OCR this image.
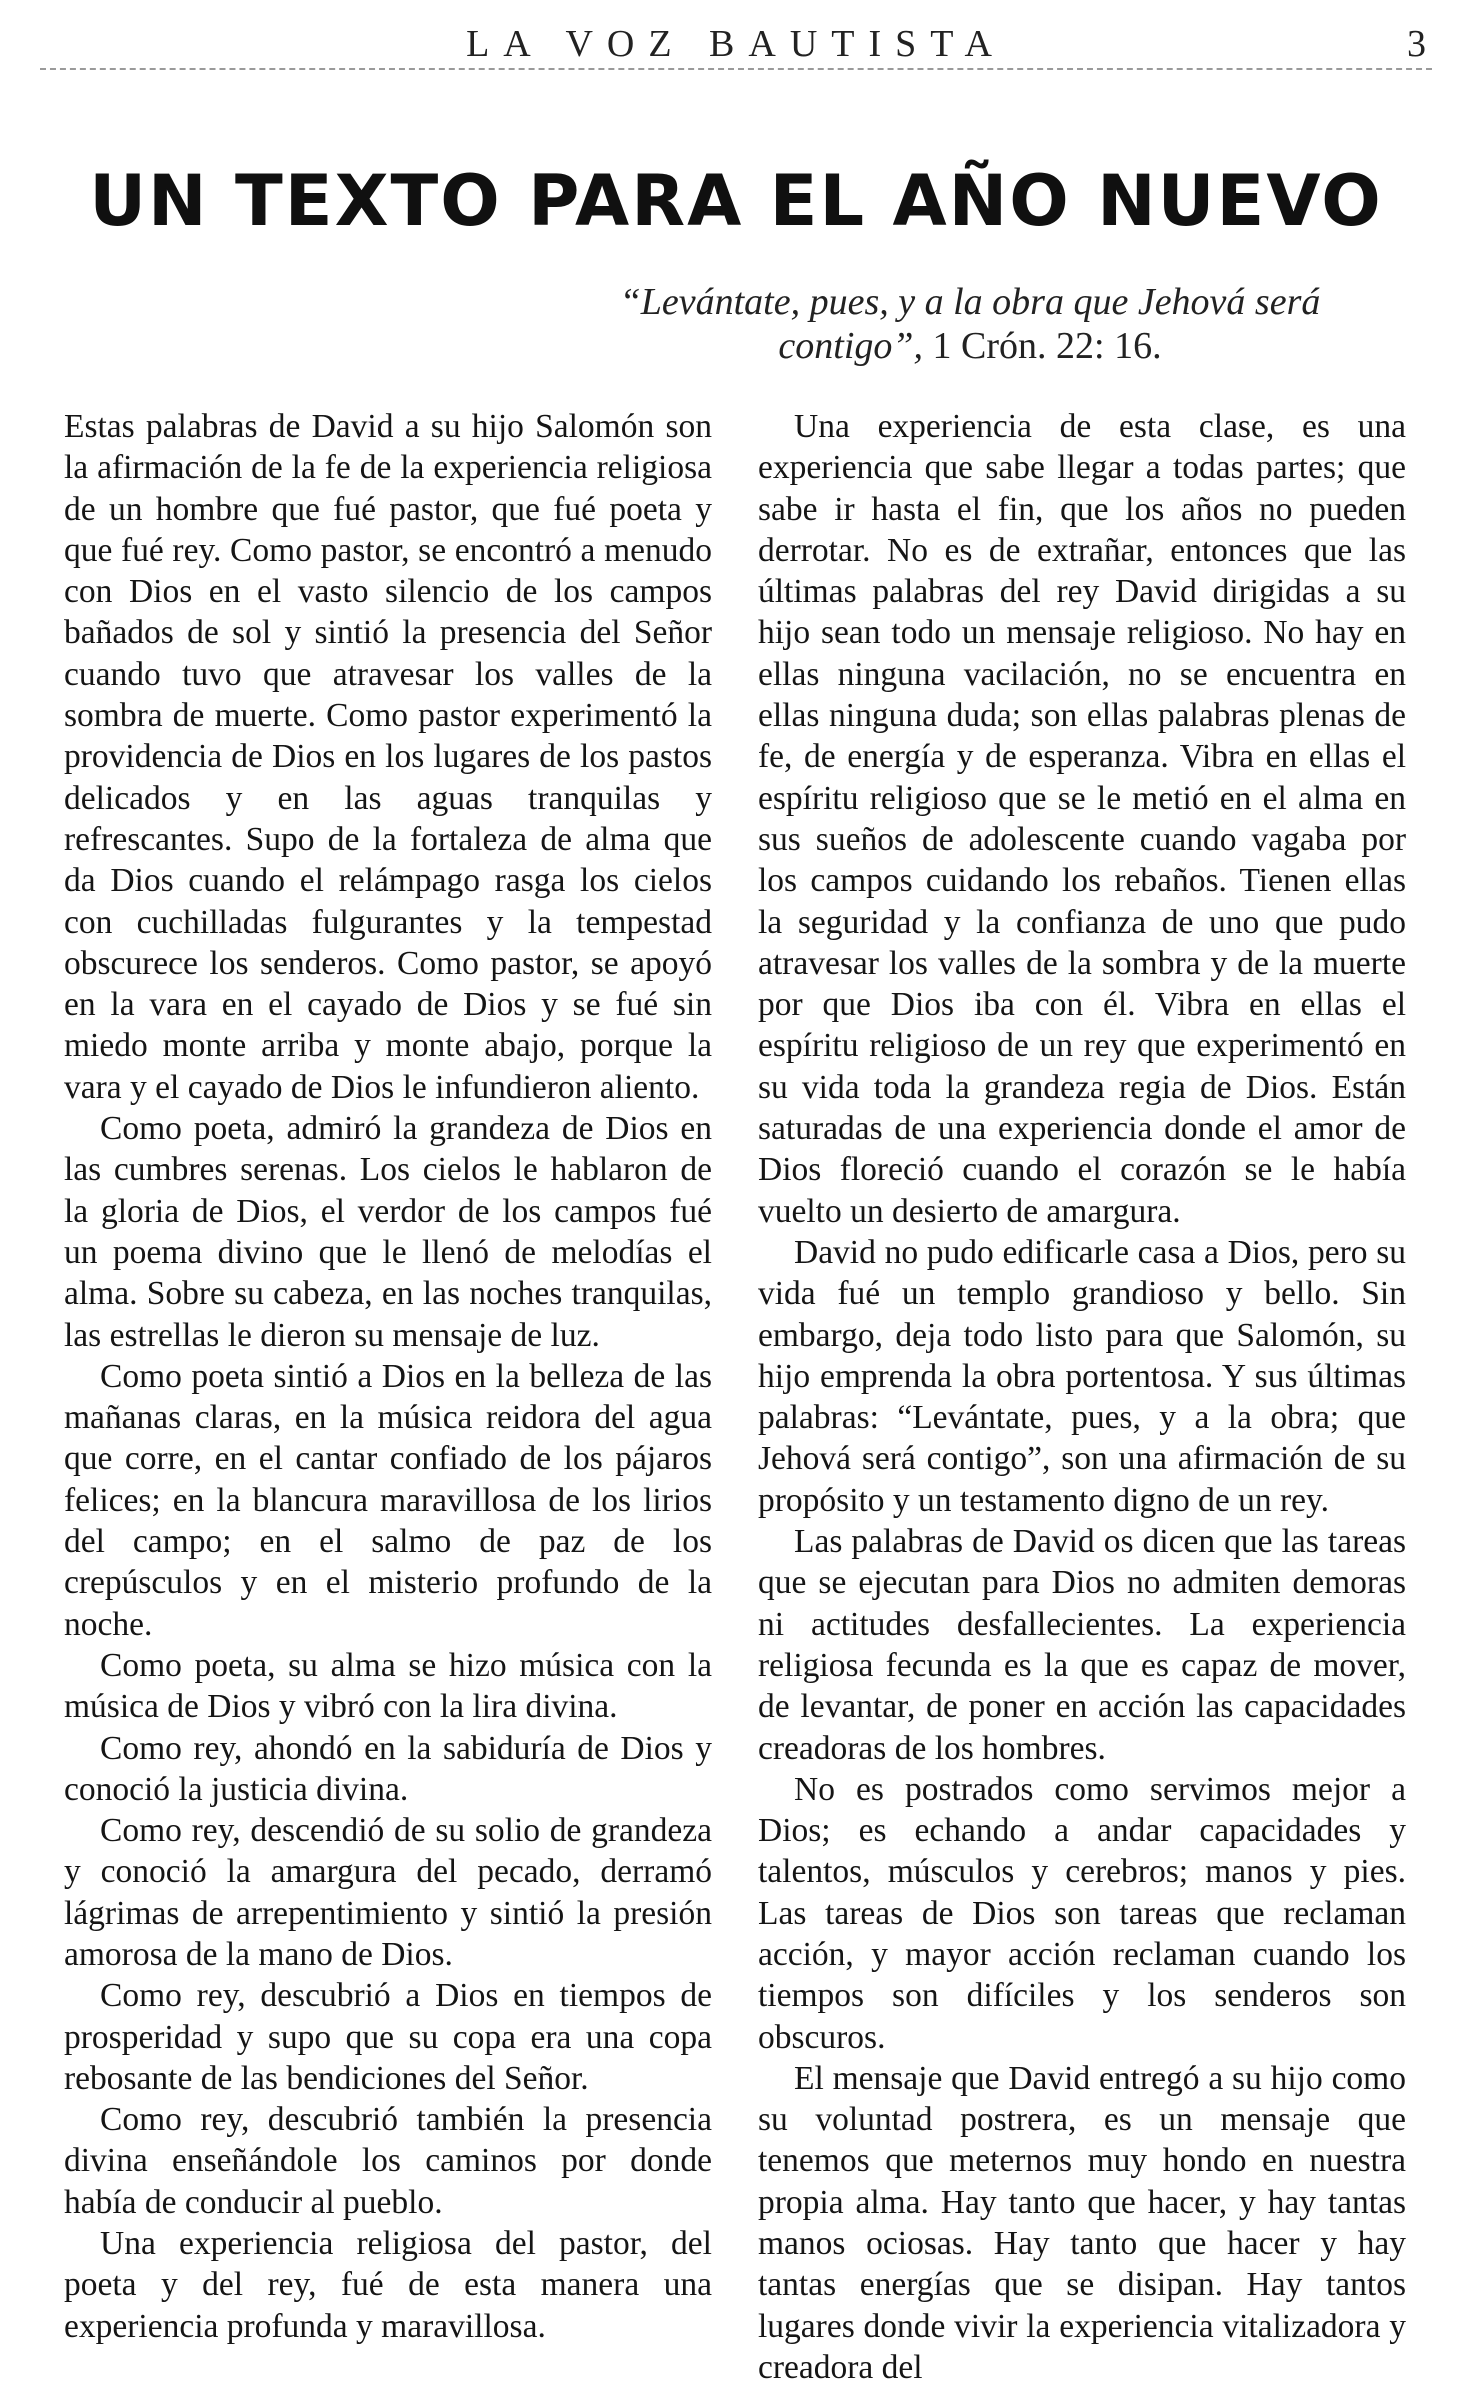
LA VOZ BAUTISTA	3
UN TEXTO PARA EL AÑO NUEVO

“Levántate, pues, y a la obra que Jehová será contigo”, 1 Crón. 22: 16.

Estas palabras de David a su hijo Salomón son la afirmación de la fe de la experiencia religiosa de un hombre que fué pastor, que fué poeta y que fué rey. Como pastor, se encontró a menudo con Dios en el vasto silencio de los campos bañados de sol y sintió la presencia del Señor cuando tuvo que atravesar los valles de la sombra de muerte. Como pastor experimentó la providencia de Dios en los lugares de los pastos delicados y en las aguas tranquilas y refrescantes. Supo de la fortaleza de alma que da Dios cuando el relámpago rasga los cielos con cuchilladas fulgurantes y la tempestad obscurece los senderos. Como pastor, se apoyó en la vara en el cayado de Dios y se fué sin miedo monte arriba y monte abajo, porque la vara y el cayado de Dios le infundieron aliento.

Como poeta, admiró la grandeza de Dios en las cumbres serenas. Los cielos le hablaron de la gloria de Dios, el verdor de los campos fué un poema divino que le llenó de melodías el alma. Sobre su cabeza, en las noches tranquilas, las estrellas le dieron su mensaje de luz.

Como poeta sintió a Dios en la belleza de las mañanas claras, en la música reidora del agua que corre, en el cantar confiado de los pájaros felices; en la blancura maravillosa de los lirios del campo; en el salmo de paz de los crepúsculos y en el misterio profundo de la noche.

Como poeta, su alma se hizo música con la música de Dios y vibró con la lira divina.

Como rey, ahondó en la sabiduría de Dios y conoció la justicia divina.

Como rey, descendió de su solio de grandeza y conoció la amargura del pecado, derramó lágrimas de arrepentimiento y sintió la presión amorosa de la mano de Dios.

Como rey, descubrió a Dios en tiempos de prosperidad y supo que su copa era una copa rebosante de las bendiciones del Señor.

Como rey, descubrió también la presencia divina enseñándole los caminos por donde había de conducir al pueblo.

Una experiencia religiosa del pastor, del poeta y del rey, fué de esta manera una experiencia profunda y maravillosa.

Una experiencia de esta clase, es una experiencia que sabe llegar a todas partes; que sabe ir hasta el fin, que los años no pueden derrotar. No es de extrañar, entonces que las últimas palabras del rey David dirigidas a su hijo sean todo un mensaje religioso. No hay en ellas ninguna vacilación, no se encuentra en ellas ninguna duda; son ellas palabras plenas de fe, de energía y de esperanza. Vibra en ellas el espíritu religioso que se le metió en el alma en sus sueños de adolescente cuando vagaba por los campos cuidando los rebaños. Tienen ellas la seguridad y la confianza de uno que pudo atravesar los valles de la sombra y de la muerte por que Dios iba con él. Vibra en ellas el espíritu religioso de un rey que experimentó en su vida toda la grandeza regia de Dios. Están saturadas de una experiencia donde el amor de Dios floreció cuando el corazón se le había vuelto un desierto de amargura.

David no pudo edificarle casa a Dios, pero su vida fué un templo grandioso y bello. Sin embargo, deja todo listo para que Salomón, su hijo emprenda la obra portentosa. Y sus últimas palabras: “Levántate, pues, y a la obra; que Jehová será contigo”, son una afirmación de su propósito y un testamento digno de un rey.

Las palabras de David os dicen que las tareas que se ejecutan para Dios no admiten demoras ni actitudes desfallecientes. La experiencia religiosa fecunda es la que es capaz de mover, de levantar, de poner en acción las capacidades creadoras de los hombres.

No es postrados como servimos mejor a Dios; es echando a andar capacidades y talentos, músculos y cerebros; manos y pies. Las tareas de Dios son tareas que reclaman acción, y mayor acción reclaman cuando los tiempos son difíciles y los senderos son obscuros.

El mensaje que David entregó a su hijo como su voluntad postrera, es un mensaje que tenemos que meternos muy hondo en nuestra propia alma. Hay tanto que hacer, y hay tantas manos ociosas. Hay tanto que hacer y hay tantas energías que se disipan. Hay tantos lugares donde vivir la experiencia vitalizadora y creadora del
